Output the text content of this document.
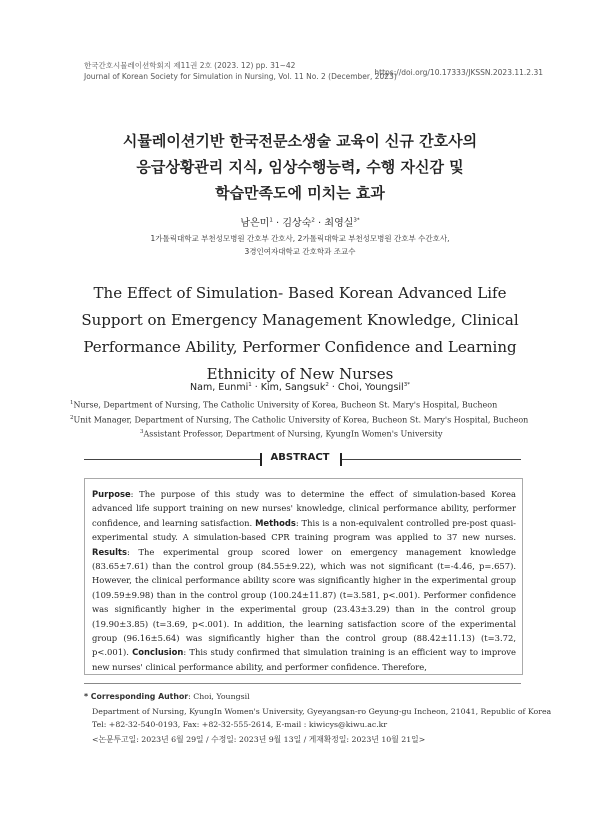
한국간호시뮬레이션학회지 제11권 2호 (2023. 12) pp. 31~42
Journal of Korean Society for Simulation in Nursing, Vol. 11 No. 2 (December, 2023)
https://doi.org/10.17333/JKSSN.2023.11.2.31
시뮬레이션기반 한국전문소생술 교육이 신규 간호사의
응급상황관리 지식, 임상수행능력, 수행 자신감 및
학습만족도에 미치는 효과
남은미$^1$ · 김상숙$^2$ · 최영실$^{3*}$
1가톨릭대학교 부천성모병원 간호부 간호사, 2가톨릭대학교 부천성모병원 간호부 수간호사,
3경인여자대학교 간호학과 조교수
The Effect of Simulation- Based Korean Advanced Life
Support on Emergency Management Knowledge, Clinical
Performance Ability, Performer Confidence and Learning
Ethnicity of New Nurses
Nam, Eunmi$^1$ · Kim, Sangsuk$^2$ · Choi, Youngsil$^{3*}$
$^1$Nurse, Department of Nursing, The Catholic University of Korea, Bucheon St. Mary's Hospital, Bucheon
$^2$Unit Manager, Department of Nursing, The Catholic University of Korea, Bucheon St. Mary's Hospital, Bucheon
$^3$Assistant Professor, Department of Nursing, KyungIn Women's University
ABSTRACT
Purpose: The purpose of this study was to determine the effect of simulation-based Korea advanced life support training on new nurses' knowledge, clinical performance ability, performer confidence, and learning satisfaction. Methods: This is a non-equivalent controlled pre-post quasi-experimental study. A simulation-based CPR training program was applied to 37 new nurses. Results: The experimental group scored lower on emergency management knowledge (83.65±7.61) than the control group (84.55±9.22), which was not significant (t=-4.46, p=.657). However, the clinical performance ability score was significantly higher in the experimental group (109.59±9.98) than in the control group (100.24±11.87) (t=3.581, p<.001). Performer confidence was significantly higher in the experimental group (23.43±3.29) than in the control group (19.90±3.85) (t=3.69, p<.001). In addition, the learning satisfaction score of the experimental group (96.16±5.64) was significantly higher than the control group (88.42±11.13) (t=3.72, p<.001). Conclusion: This study confirmed that simulation training is an efficient way to improve new nurses' clinical performance ability, and performer confidence. Therefore,
* Corresponding Author: Choi, Youngsil
Department of Nursing, KyungIn Women's University, Gyeyangsan-ro Geyung-gu Incheon, 21041, Republic of Korea
Tel: +82-32-540-0193, Fax: +82-32-555-2614, E-mail : kiwicys@kiwu.ac.kr
<논문투고일: 2023년 6월 29일 / 수정일: 2023년 9월 13일 / 게재확정일: 2023년 10월 21일>
